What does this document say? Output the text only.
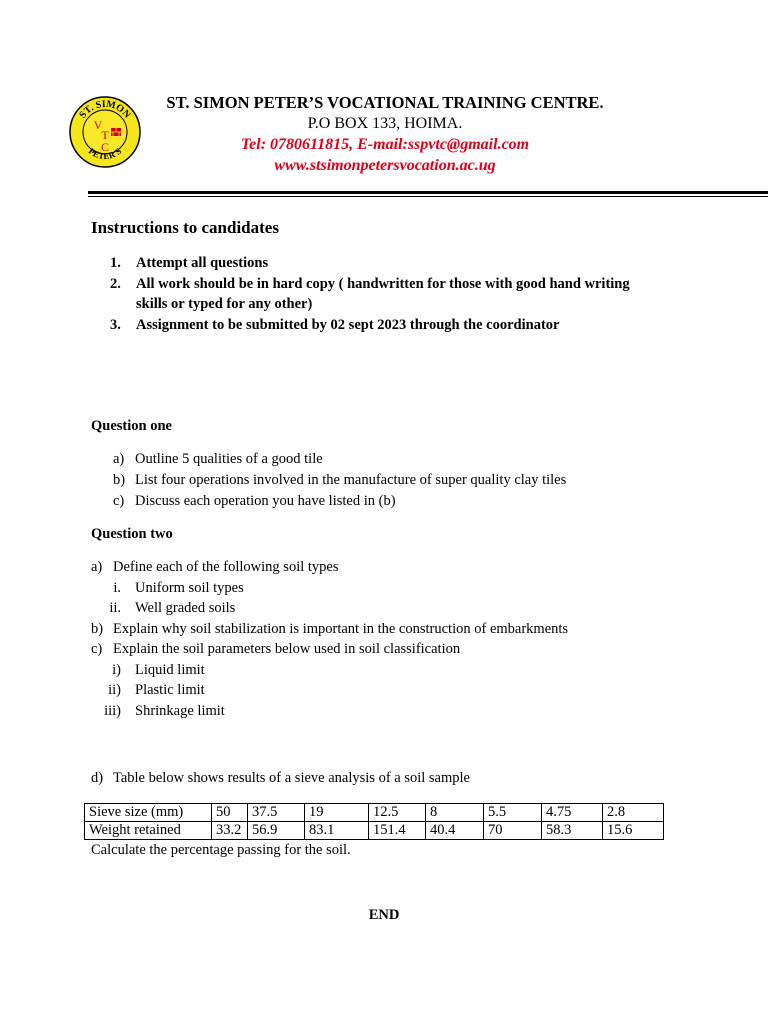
ST. SIMON
PETER'S
V
T
C
ST. SIMON PETER’S VOCATIONAL TRAINING CENTRE.
P.O BOX 133, HOIMA.
Tel: 0780611815, E-mail:sspvtc@gmail.com
www.stsimonpetersvocation.ac.ug
Instructions to candidates
1. Attempt all questions
2. All work should be in hard copy ( handwritten for those with good hand writing
skills or typed for any other)
3. Assignment to be submitted by 02 sept 2023 through the coordinator
Question one
a) Outline 5 qualities of a good tile
b) List four operations involved in the manufacture of super quality clay tiles
c) Discuss each operation you have listed in (b)
Question two
a) Define each of the following soil types
i. Uniform soil types
ii. Well graded soils
b) Explain why soil stabilization is important in the construction of embarkments
c) Explain the soil parameters below used in soil classification
i) Liquid limit
ii) Plastic limit
iii) Shrinkage limit
d) Table below shows results of a sieve analysis of a soil sample
Sieve size (mm)	50	37.5	19	12.5	8	5.5	4.75	2.8
Weight retained	33.2	56.9	83.1	151.4	40.4	70	58.3	15.6
Calculate the percentage passing for the soil.
END
